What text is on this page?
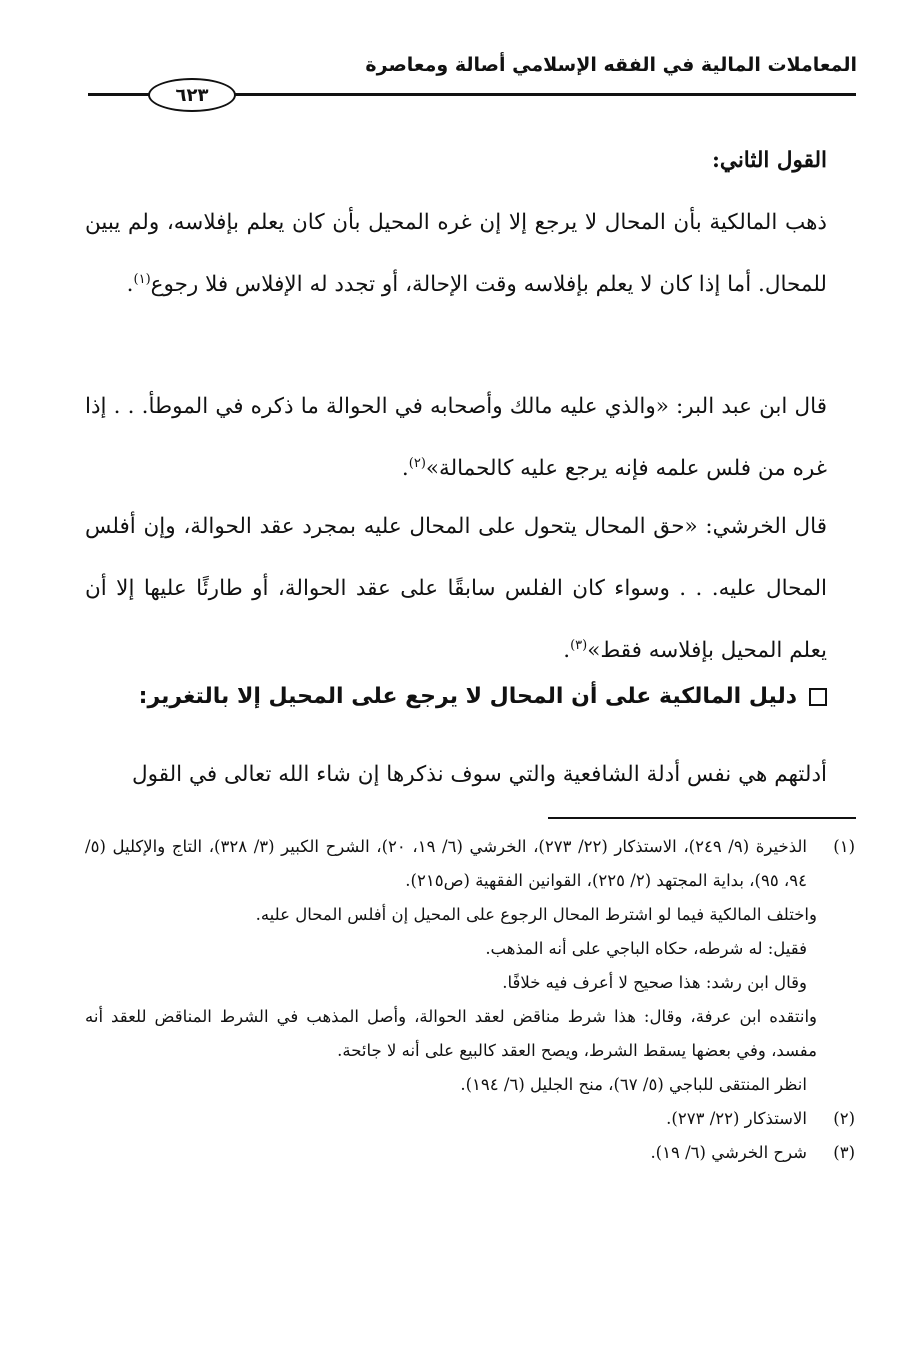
المعاملات المالية في الفقه الإسلامي أصالة ومعاصرة
٦٢٣
القول الثاني:

ذهب المالكية بأن المحال لا يرجع إلا إن غره المحيل بأن كان يعلم بإفلاسه، ولم يبين للمحال. أما إذا كان لا يعلم بإفلاسه وقت الإحالة، أو تجدد له الإفلاس فلا رجوع$^{(١)}$.

قال ابن عبد البر: «والذي عليه مالك وأصحابه في الحوالة ما ذكره في الموطأ. . . إذا غره من فلس علمه فإنه يرجع عليه كالحمالة»$^{(٢)}$.

قال الخرشي: «حق المحال يتحول على المحال عليه بمجرد عقد الحوالة، وإن أفلس المحال عليه. . . وسواء كان الفلس سابقًا على عقد الحوالة، أو طارئًا عليها إلا أن يعلم المحيل بإفلاسه فقط»$^{(٣)}$.

دليل المالكية على أن المحال لا يرجع على المحيل إلا بالتغرير:

أدلتهم هي نفس أدلة الشافعية والتي سوف نذكرها إن شاء الله تعالى في القول

(١)
الذخيرة (٩/ ٢٤٩)، الاستذكار (٢٢/ ٢٧٣)، الخرشي (٦/ ١٩، ٢٠)، الشرح الكبير (٣/ ٣٢٨)، التاج والإكليل (٥/ ٩٤، ٩٥)، بداية المجتهد (٢/ ٢٢٥)، القوانين الفقهية (ص٢١٥).
واختلف المالكية فيما لو اشترط المحال الرجوع على المحيل إن أفلس المحال عليه.
فقيل: له شرطه، حكاه الباجي على أنه المذهب.
وقال ابن رشد: هذا صحيح لا أعرف فيه خلافًا.
وانتقده ابن عرفة، وقال: هذا شرط مناقض لعقد الحوالة، وأصل المذهب في الشرط المناقض للعقد أنه مفسد، وفي بعضها يسقط الشرط، ويصح العقد كالبيع على أنه لا جائحة.
انظر المنتقى للباجي (٥/ ٦٧)، منح الجليل (٦/ ١٩٤).
(٢)
الاستذكار (٢٢/ ٢٧٣).
(٣)
شرح الخرشي (٦/ ١٩).
